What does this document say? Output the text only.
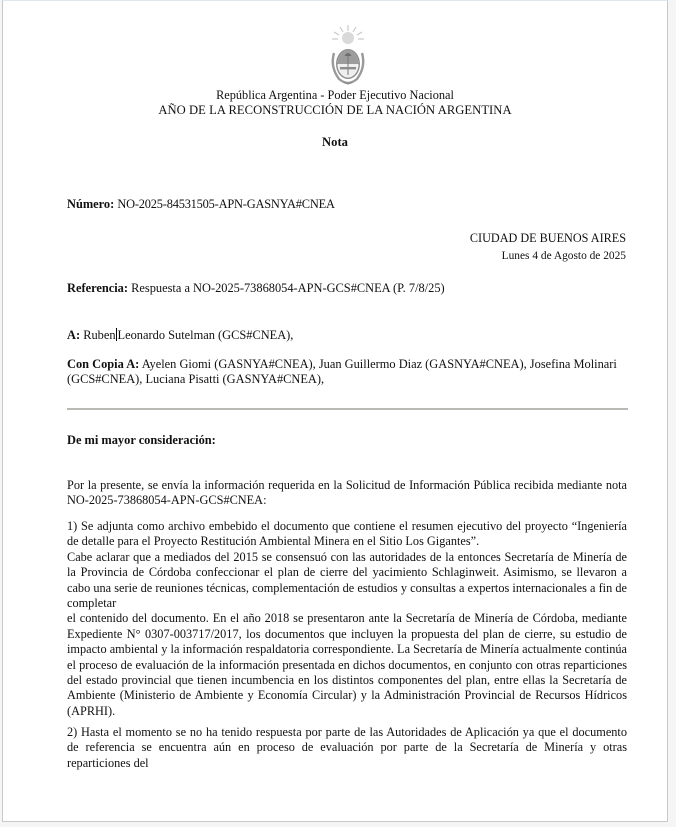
República Argentina - Poder Ejecutivo Nacional
AÑO DE LA RECONSTRUCCIÓN DE LA NACIÓN ARGENTINA
Nota
Número: NO-2025-84531505-APN-GASNYA#CNEA
CIUDAD DE BUENOS AIRES
Lunes 4 de Agosto de 2025
Referencia: Respuesta a NO-2025-73868054-APN-GCS#CNEA (P. 7/8/25)
A: Ruben Leonardo Sutelman (GCS#CNEA),
Con Copia A: Ayelen Giomi (GASNYA#CNEA), Juan Guillermo Diaz (GASNYA#CNEA), Josefina Molinari (GCS#CNEA), Luciana Pisatti (GASNYA#CNEA),
De mi mayor consideración:

Por la presente, se envía la información requerida en la Solicitud de Información Pública recibida mediante nota NO-2025-73868054-APN-GCS#CNEA:

1) Se adjunta como archivo embebido el documento que contiene el resumen ejecutivo del proyecto “Ingeniería de detalle para el Proyecto Restitución Ambiental Minera en el Sitio Los Gigantes”.

Cabe aclarar que a mediados del 2015 se consensuó con las autoridades de la entonces Secretaría de Minería de la Provincia de Córdoba confeccionar el plan de cierre del yacimiento Schlaginweit. Asimismo, se llevaron a cabo una serie de reuniones técnicas, complementación de estudios y consultas a expertos internacionales a fin de completar

el contenido del documento. En el año 2018 se presentaron ante la Secretaría de Minería de Córdoba, mediante Expediente N° 0307-003717/2017, los documentos que incluyen la propuesta del plan de cierre, su estudio de impacto ambiental y la información respaldatoria correspondiente. La Secretaría de Minería actualmente continúa el proceso de evaluación de la información presentada en dichos documentos, en conjunto con otras reparticiones del estado provincial que tienen incumbencia en los distintos componentes del plan, entre ellas la Secretaría de Ambiente (Ministerio de Ambiente y Economía Circular) y la Administración Provincial de Recursos Hídricos (APRHI).

2) Hasta el momento se no ha tenido respuesta por parte de las Autoridades de Aplicación ya que el documento de referencia se encuentra aún en proceso de evaluación por parte de la Secretaría de Minería y otras reparticiones del
